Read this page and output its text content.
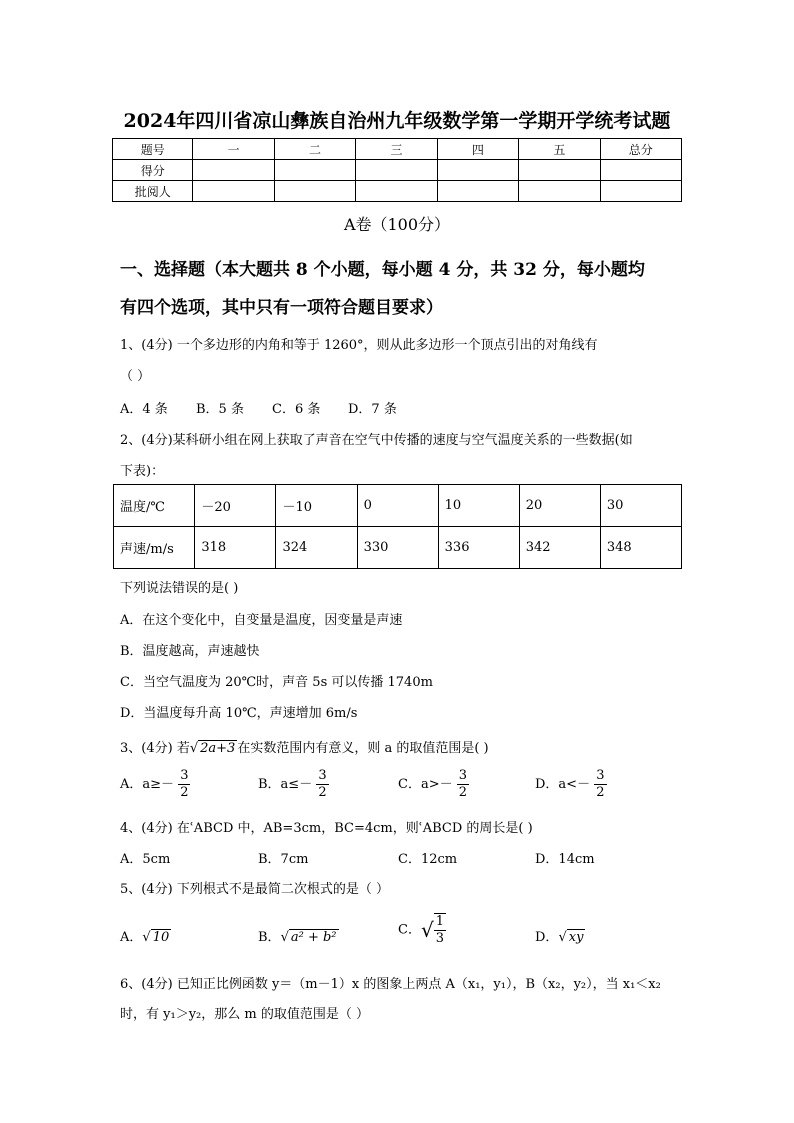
2024年四川省凉山彝族自治州九年级数学第一学期开学统考试题
题号	一	二	三	四	五	总分
得分						
批阅人						
A卷（100分）
一、选择题（本大题共 8 个小题，每小题 4 分，共 32 分，每小题均
有四个选项，其中只有一项符合题目要求）
1、(4分) 一个多边形的内角和等于 1260°，则从此多边形一个顶点引出的对角线有
（ ）
A．4 条 B．5 条 C．6 条 D．7 条
2、(4分)某科研小组在网上获取了声音在空气中传播的速度与空气温度关系的一些数据(如
下表)：
温度/℃	－20	－10	0	10	20	30
声速/m/s	318	324	330	336	342	348
下列说法错误的是( )
A．在这个变化中，自变量是温度，因变量是声速
B．温度越高，声速越快
C．当空气温度为 20℃时，声音 5s 可以传播 1740m
D．当温度每升高 10℃，声速增加 6m/s
3、(4分) 若√ 2a+3 在实数范围内有意义，则 a 的取值范围是( )
A．$a\ge- \frac{3}{2}$	B．$a\le- \frac{3}{2}$	C．$a>- \frac{3}{2}$	D．$a<- \frac{3}{2}$
4、(4分) 在ʿABCD 中，AB=3cm，BC=4cm，则ʿABCD 的周长是( )
A．5cm	B．7cm	C．12cm	D．14cm
5、(4分) 下列根式不是最简二次根式的是（ ）
A．√ 10	B．√ a² + b²	C．√ $\frac{1}{3}$	D．√ xy
6、(4分) 已知正比例函数 y＝（m－1）x 的图象上两点 A（x₁，y₁），B（x₂，y₂），当 x₁＜x₂
时，有 y₁＞y₂，那么 m 的取值范围是（ ）
